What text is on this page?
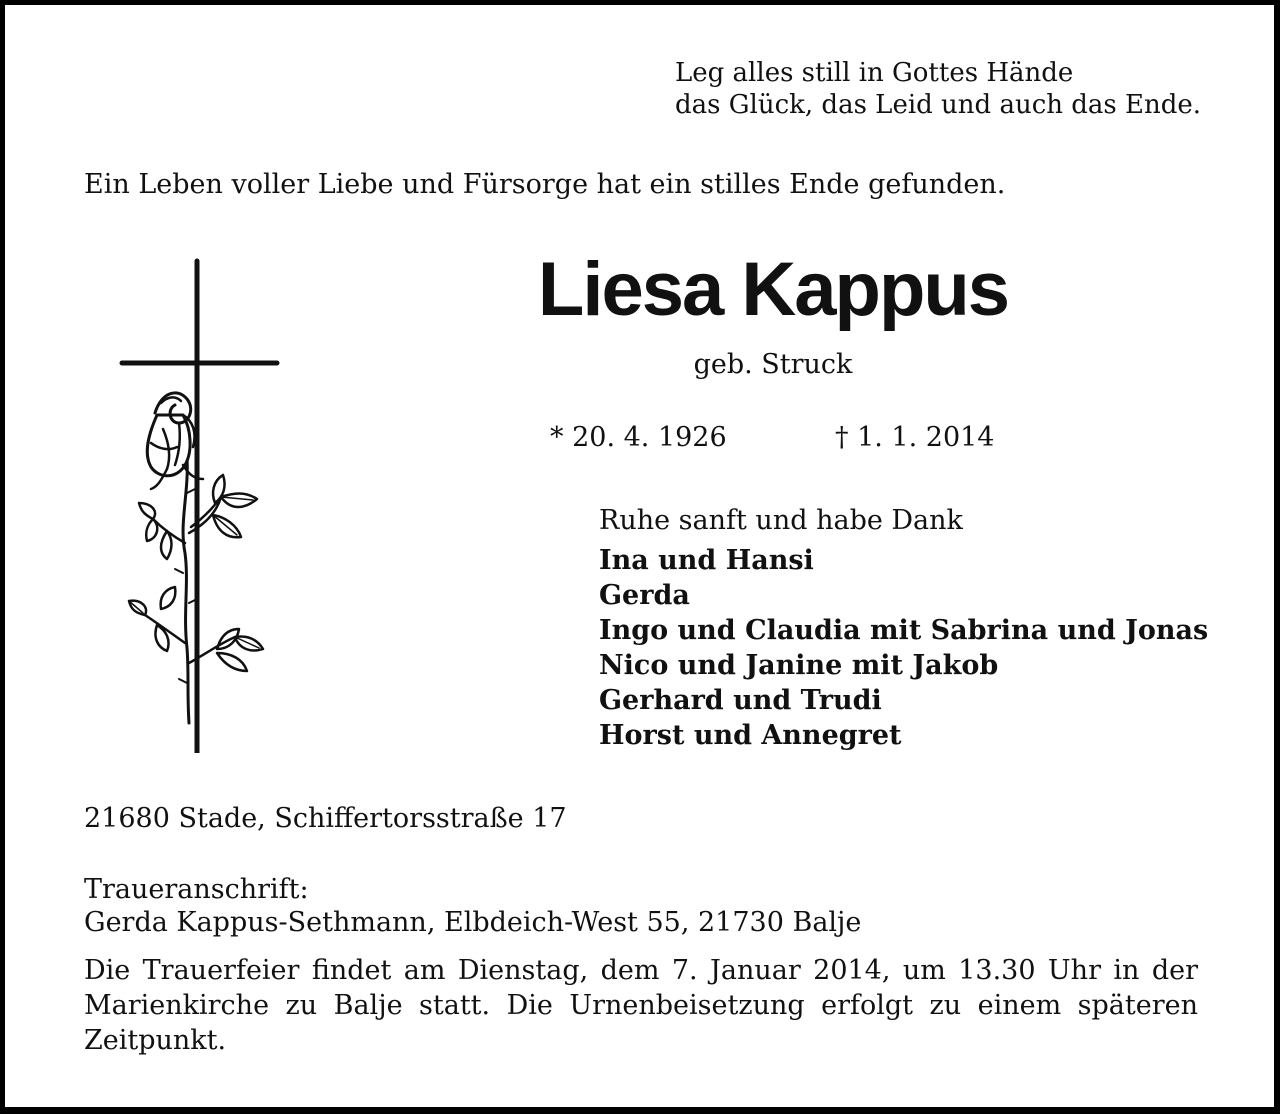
Leg alles still in Gottes Hände
das Glück, das Leid und auch das Ende.
Ein Leben voller Liebe und Fürsorge hat ein stilles Ende gefunden.
Liesa Kappus
geb. Struck
* 20. 4. 1926	† 1. 1. 2014
Ruhe sanft und habe Dank
Ina und Hansi
Gerda
Ingo und Claudia mit Sabrina und Jonas
Nico und Janine mit Jakob
Gerhard und Trudi
Horst und Annegret
21680 Stade, Schiffertorsstraße 17
Traueranschrift:
Gerda Kappus-Sethmann, Elbdeich-West 55, 21730 Balje

Die Trauerfeier findet am Dienstag, dem 7. Januar 2014, um 13.30 Uhr in der Marienkirche zu Balje statt. Die Urnenbeisetzung erfolgt zu einem späteren Zeitpunkt.
